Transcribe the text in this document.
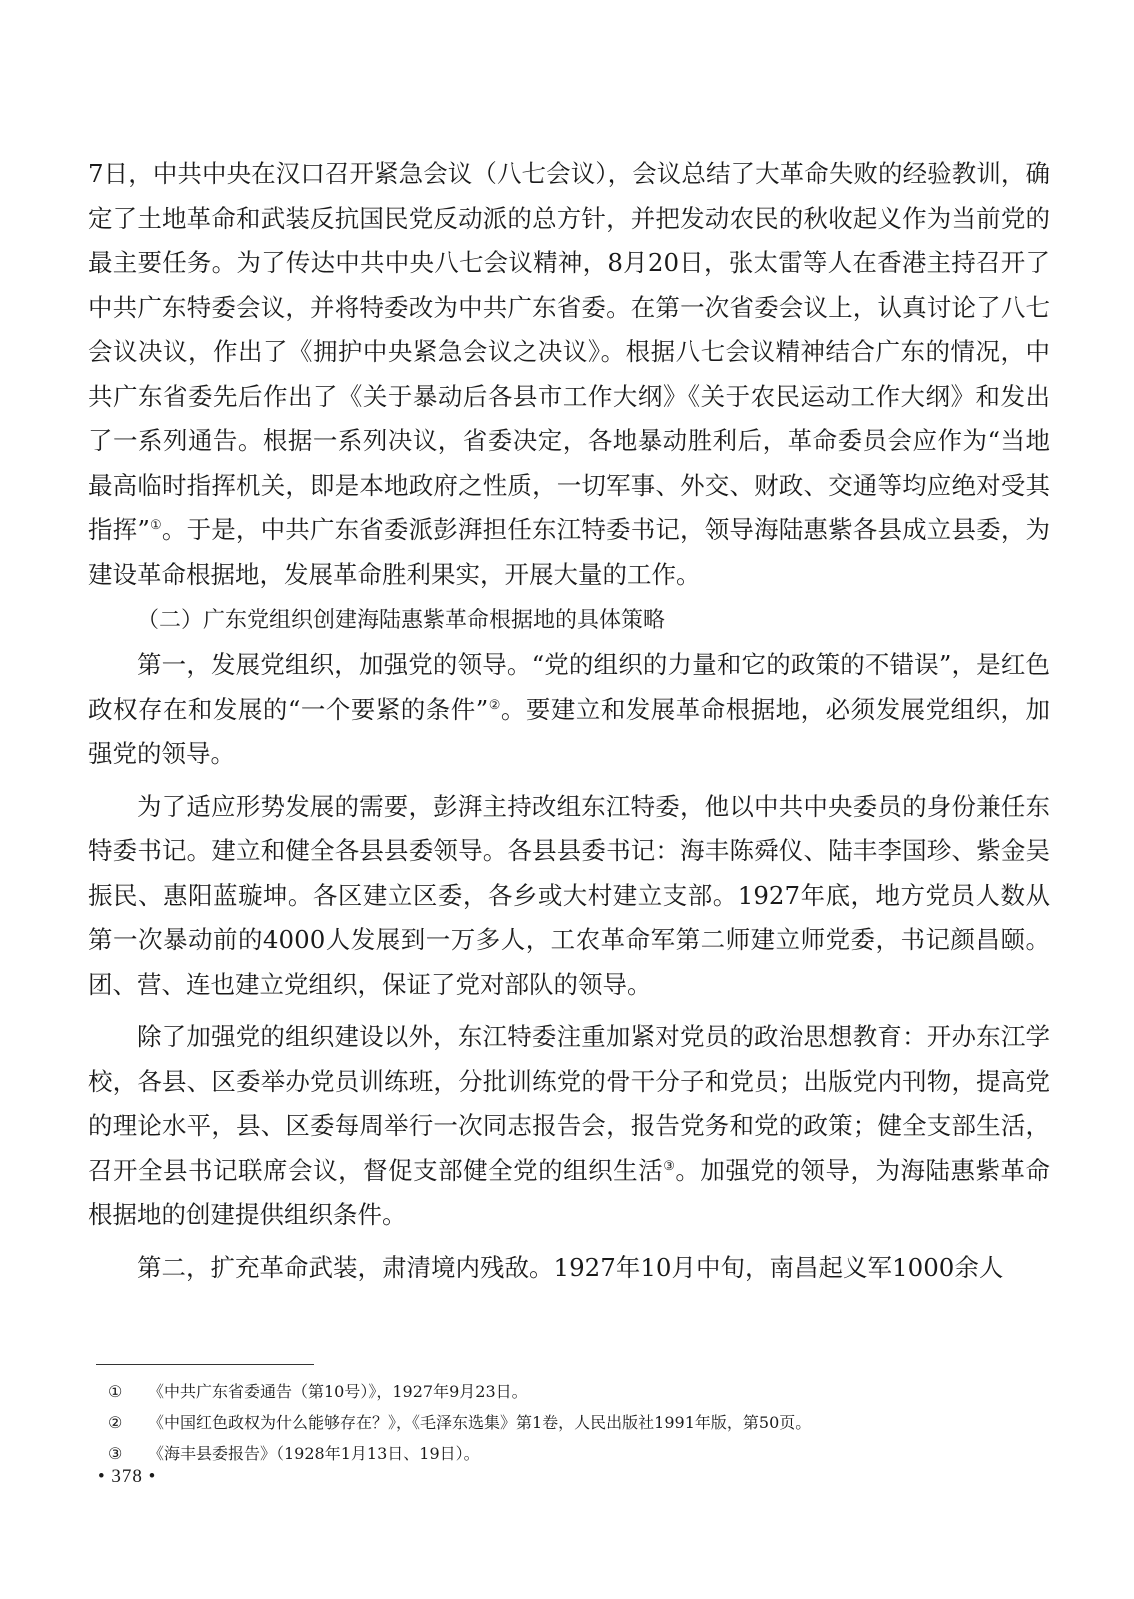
7日，中共中央在汉口召开紧急会议（八七会议），会议总结了大革命失败的经验教训，确定了土地革命和武装反抗国民党反动派的总方针，并把发动农民的秋收起义作为当前党的最主要任务。为了传达中共中央八七会议精神，8月20日，张太雷等人在香港主持召开了中共广东特委会议，并将特委改为中共广东省委。在第一次省委会议上，认真讨论了八七会议决议，作出了《拥护中央紧急会议之决议》。根据八七会议精神结合广东的情况，中共广东省委先后作出了《关于暴动后各县市工作大纲》《关于农民运动工作大纲》和发出了一系列通告。根据一系列决议，省委决定，各地暴动胜利后，革命委员会应作为“当地最高临时指挥机关，即是本地政府之性质，一切军事、外交、财政、交通等均应绝对受其指挥”①。于是，中共广东省委派彭湃担任东江特委书记，领导海陆惠紫各县成立县委，为建设革命根据地，发展革命胜利果实，开展大量的工作。

（二）广东党组织创建海陆惠紫革命根据地的具体策略

第一，发展党组织，加强党的领导。“党的组织的力量和它的政策的不错误”，是红色政权存在和发展的“一个要紧的条件”②。要建立和发展革命根据地，必须发展党组织，加强党的领导。

为了适应形势发展的需要，彭湃主持改组东江特委，他以中共中央委员的身份兼任东特委书记。建立和健全各县县委领导。各县县委书记：海丰陈舜仪、陆丰李国珍、紫金吴振民、惠阳蓝璇坤。各区建立区委，各乡或大村建立支部。1927年底，地方党员人数从第一次暴动前的4000人发展到一万多人，工农革命军第二师建立师党委，书记颜昌颐。团、营、连也建立党组织，保证了党对部队的领导。

除了加强党的组织建设以外，东江特委注重加紧对党员的政治思想教育：开办东江学校，各县、区委举办党员训练班，分批训练党的骨干分子和党员；出版党内刊物，提高党的理论水平，县、区委每周举行一次同志报告会，报告党务和党的政策；健全支部生活，召开全县书记联席会议，督促支部健全党的组织生活③。加强党的领导，为海陆惠紫革命根据地的创建提供组织条件。

第二，扩充革命武装，肃清境内残敌。1927年10月中旬，南昌起义军1000余人

① 《中共广东省委通告（第10号）》，1927年9月23日。
② 《中国红色政权为什么能够存在？》，《毛泽东选集》第1卷，人民出版社1991年版，第50页。
③ 《海丰县委报告》（1928年1月13日、19日）。
• 378 •
